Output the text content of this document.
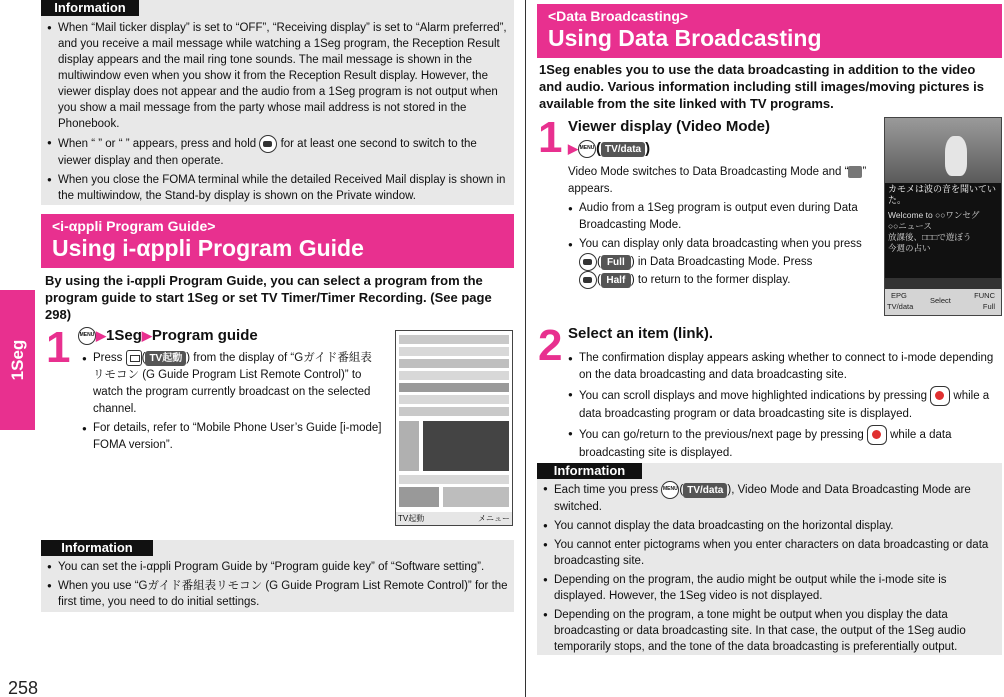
1Seg
258
Information

● When “Mail ticker display” is set to “OFF”, “Receiving display” is set to “Alarm preferred”, and you receive a mail message while watching a 1Seg program, the Reception Result display appears and the mail ring tone sounds. The mail message is shown in the multiwindow even when you show it from the Reception Result display. However, the viewer display does not appear and the audio from a 1Seg program is not output when you show a mail message from the party whose mail address is not stored in the Phonebook.

● When “ ” or “ ” appears, press and hold for at least one second to switch to the viewer display and then operate.

● When you close the FOMA terminal while the detailed Received Mail display is shown in the multiwindow, the Stand-by display is shown on the Private window.

<i-αppli Program Guide>
Using i-αppli Program Guide
By using the i-αppli Program Guide, you can select a program from the program guide to start 1Seg or set TV Timer/Timer Recording. (See page 298)
1	MENU ▶1Seg▶Program guide

● Press ( TV起動 ) from the display of “Gガイド番組表リモコン (G Guide Program List Remote Control)” to watch the program currently broadcast on the selected channel.

● For details, refer to “Mobile Phone User’s Guide [i-mode] FOMA version”.

TV起動	メニュー
Information

● You can set the i-αppli Program Guide by “Program guide key” of “Software setting”.

● When you use “Gガイド番組表リモコン (G Guide Program List Remote Control)” for the first time, you need to do initial settings.

<Data Broadcasting>
Using Data Broadcasting
1Seg enables you to use the data broadcasting in addition to the video and audio. Various information including still images/moving pictures is available from the site linked with TV programs.
1 Viewer display (Video Mode)
▶ MENU ( TV/data )

Video Mode switches to Data Broadcasting Mode and “ ” appears.

● Audio from a 1Seg program is output even during Data Broadcasting Mode.

● You can display only data broadcasting when you press
( Full ) in Data Broadcasting Mode. Press
( Half ) to return to the former display.

カモメは波の音を聞いていた。
Welcome to ○○ワンセグ
○○ニュース
放課後、□□□で遊ぼう
今週の占い
EPG
Select
FUNC
TV/data	Full
2 Select an item (link).

● The confirmation display appears asking whether to connect to i-mode depending on the data broadcasting and data broadcasting site.

● You can scroll displays and move highlighted indications by pressing while a data broadcasting program or data broadcasting site is displayed.

● You can go/return to the previous/next page by pressing while a data broadcasting site is displayed.

Information

● Each time you press MENU ( TV/data ), Video Mode and Data Broadcasting Mode are switched.

● You cannot display the data broadcasting on the horizontal display.

● You cannot enter pictograms when you enter characters on data broadcasting or data broadcasting site.

● Depending on the program, the audio might be output while the i-mode site is displayed. However, the 1Seg video is not displayed.

● Depending on the program, a tone might be output when you display the data broadcasting or data broadcasting site. In that case, the output of the 1Seg audio temporarily stops, and the tone of the data broadcasting is preferentially output.
